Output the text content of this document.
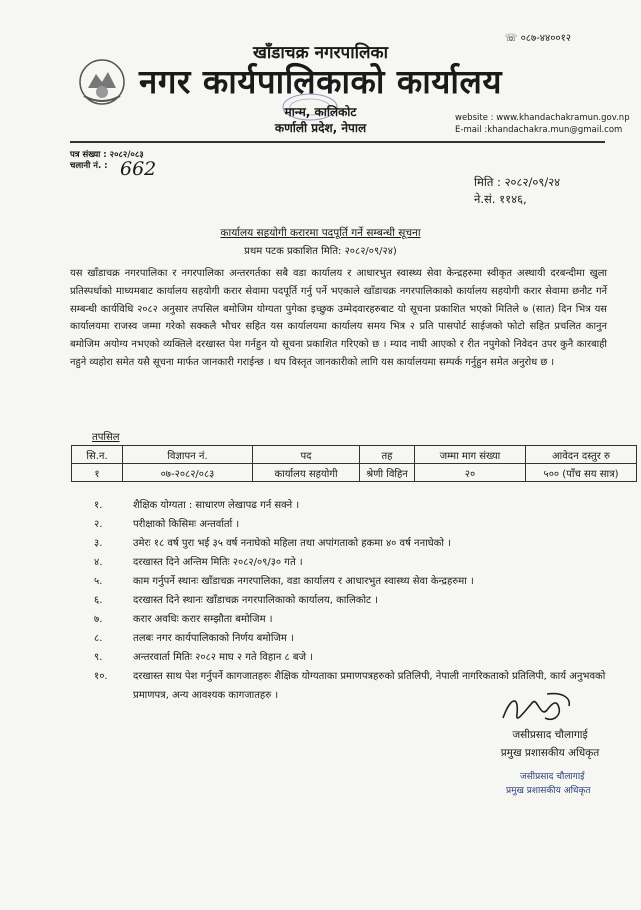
☏ ०८७-४४००१२
खाँडाचक्र नगरपालिका
नगर कार्यपालिकाको कार्यालय
मान्म, कालिकोट
कर्णाली प्रदेश, नेपाल
website : www.khandachakramun.gov.np
E-mail :khandachakra.mun@gmail.com
पत्र संख्या : २०८२/०८३
चलानी नं. : 662
मिति : २०८२/०९/२४
ने.सं. ११४६,
कार्यालय सहयोगी करारमा पदपूर्ति गर्ने सम्बन्धी सूचना
प्रथम पटक प्रकाशित मिति: २०८२/०९/२४)
यस खाँडाचक्र नगरपालिका र नगरपालिका अन्तरगर्तका सबै वडा कार्यालय र आधारभुत स्वास्थ्य सेवा केन्द्रहरुमा स्वीकृत अस्थायी दरबन्दीमा खुला प्रतिस्पर्धाको माध्यमबाट कार्यालय सहयोगी करार सेवामा पदपूर्ति गर्नु पर्ने भएकाले खाँडाचक्र नगरपालिकाको कार्यालय सहयोगी करार सेवामा छनौट गर्ने सम्बन्धी कार्यविधि २०८२ अनुसार तपसिल बमोजिम योग्यता पुगेका इच्छुक उम्मेदवारहरुबाट यो सूचना प्रकाशित भएको मितिले ७ (सात) दिन भित्र यस कार्यालयमा राजस्व जम्मा गरेको सक्कलै भौचर सहित यस कार्यालयमा कार्यालय समय भित्र २ प्रति पासपोर्ट साईजको फोटो सहित प्रचलित कानुन बमोजिम अयोग्य नभएको व्यक्तिले दरखास्त पेश गर्नहुन यो सूचना प्रकाशित गरिएको छ । म्याद नाघी आएको र रीत नपुगेको निवेदन उपर कुनै कारबाही नहुने व्यहोरा समेत यसै सूचना मार्फत जानकारी गराईन्छ । थप विस्तृत जानकारीको लागि यस कार्यालयमा सम्पर्क गर्नुहुन समेत अनुरोध छ ।
तपसिल
सि.न.	विज्ञापन नं.	पद	तह	जम्मा माग संख्या	आवेदन दस्तुर रु
१	०७-२०८२/०८३	कार्यालय सहयोगी	श्रेणी विहिन	२०	५०० (पाँच सय सात्र)
१.	शैक्षिक योग्यता : साधारण लेखापढ गर्न सक्ने ।
२.	परीक्षाको किसिमः अन्तर्वार्ता ।
३.	उमेरः १८ वर्ष पुरा भई ३५ वर्ष ननाघेको महिला तथा अपांगताको हकमा ४० वर्ष ननाघेको ।
४.	दरखास्त दिने अन्तिम मितिः २०८२/०९/३० गते ।
५.	काम गर्नुपर्ने स्थानः खाँडाचक्र नगरपालिका, वडा कार्यालय र आधारभुत स्वास्थ्य सेवा केन्द्रहरुमा ।
६.	दरखास्त दिने स्थानः खाँडाचक्र नगरपालिकाको कार्यालय, कालिकोट ।
७.	करार अवधिः करार सम्झौता बमोजिम ।
८.	तलबः नगर कार्यपालिकाको निर्णय बमोजिम ।
९.	अन्तरवार्ता मितिः २०८२ माघ २ गते विहान ८ बजे ।
१०.	दरखास्त साथ पेश गर्नुपर्ने कागजातहरुः शैक्षिक योग्यताका प्रमाणपत्रहरुको प्रतिलिपी, नेपाली नागरिकताको प्रतिलिपी, कार्य अनुभवको प्रमाणपत्र, अन्य आवश्यक कागजातहरु ।
जसीप्रसाद चौलागाई
प्रमुख प्रशासकीय अधिकृत
जसीप्रसाद चौलागाई
प्रमुख प्रशासकीय अधिकृत
